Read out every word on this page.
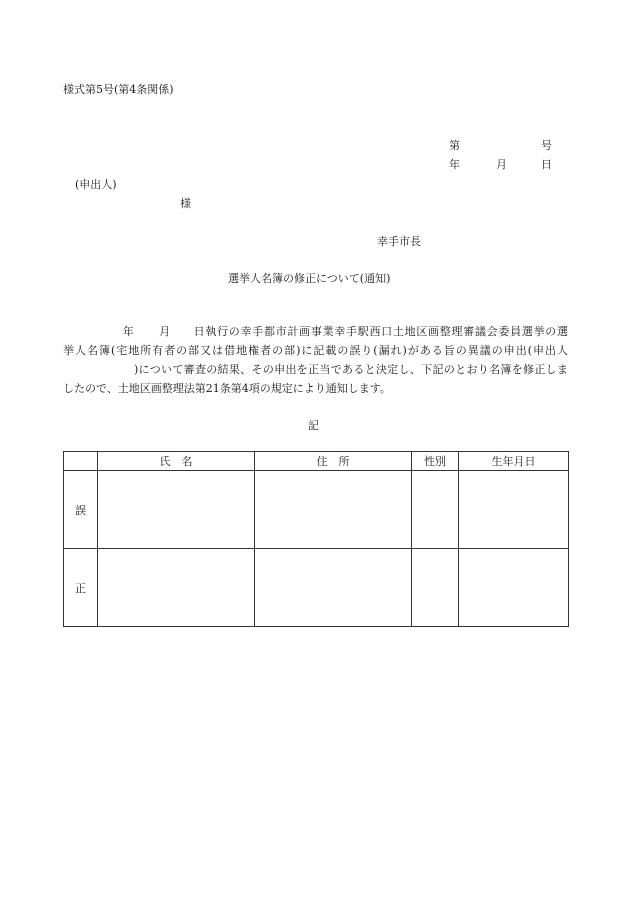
様式第5号(第4条関係)
第	号
年	月	日
(申出人)
様
幸手市長
選挙人名簿の修正について(通知)
年 月 日執行の幸手都市計画事業幸手駅西口土地区画整理審議会委員選挙の選
挙人名簿(宅地所有者の部又は借地権者の部)に記載の誤り(漏れ)がある旨の異議の申出(申出人
)について審査の結果、その申出を正当であると決定し、下記のとおり名簿を修正しま
したので、土地区画整理法第21条第4項の規定により通知します。
記
	氏　名	住　所	性別	生年月日
誤				
正				
